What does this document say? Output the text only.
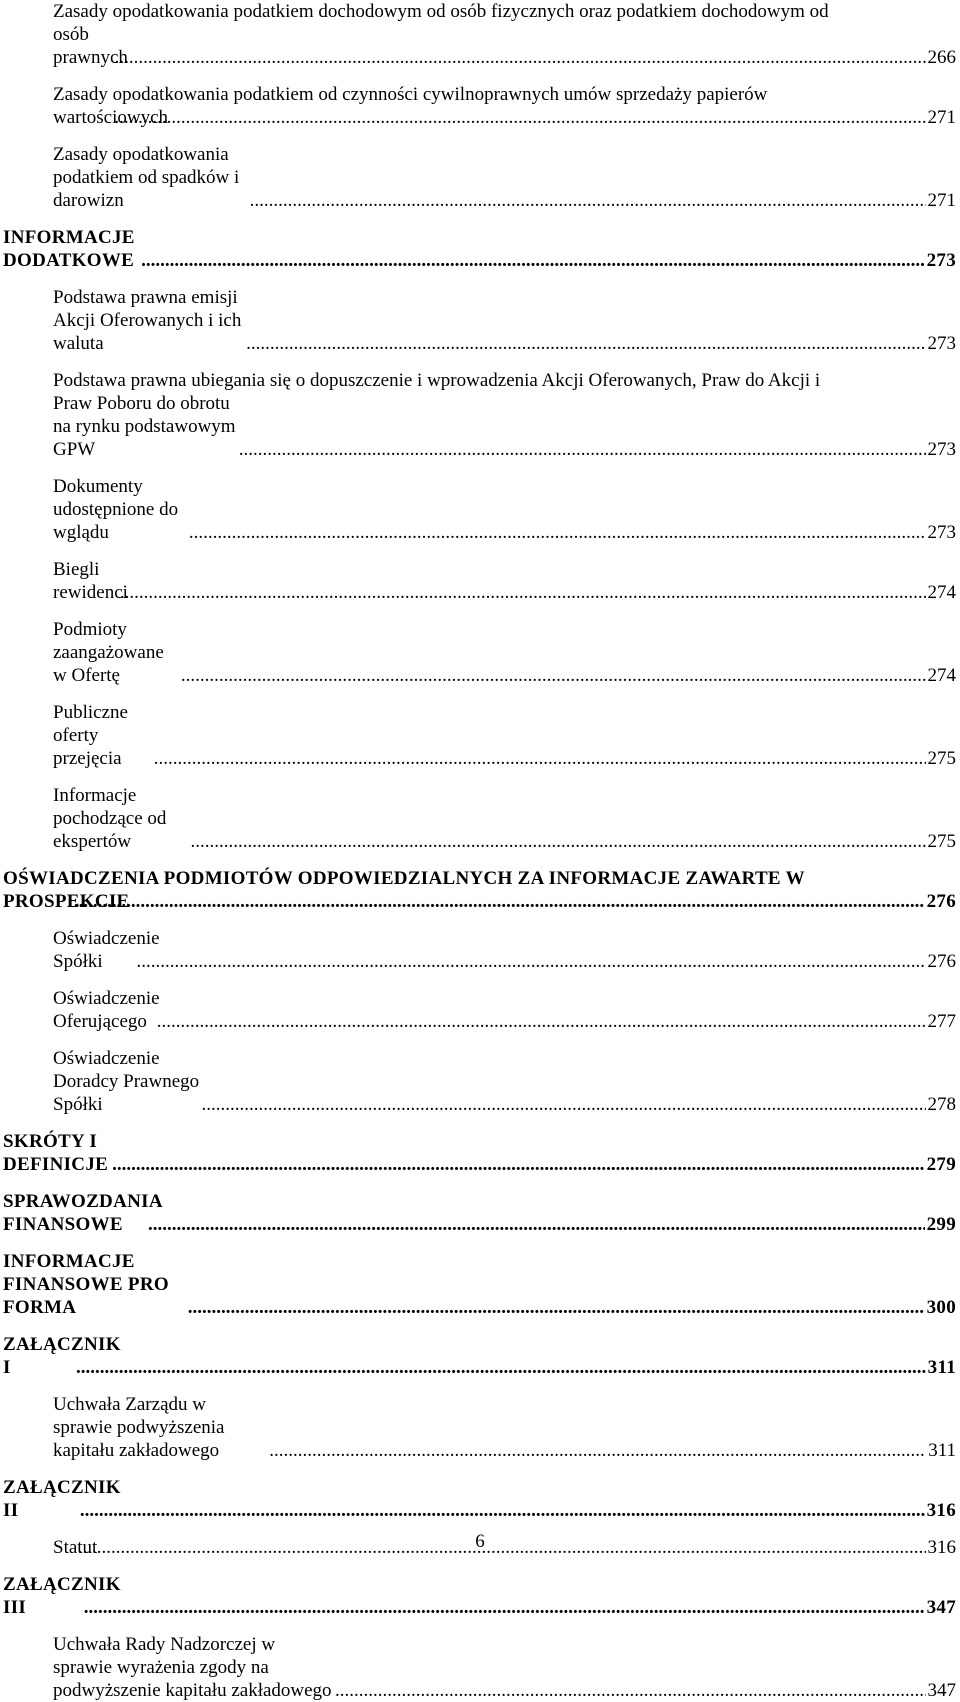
Zasady opodatkowania podatkiem dochodowym od osób fizycznych oraz podatkiem dochodowym od
osób prawnych .....	266
Zasady opodatkowania podatkiem od czynności cywilnoprawnych umów sprzedaży papierów
wartościowych .....	271
Zasady opodatkowania podatkiem od spadków i darowizn .....	271
INFORMACJE DODATKOWE .....	273
Podstawa prawna emisji Akcji Oferowanych i ich waluta .....	273
Podstawa prawna ubiegania się o dopuszczenie i wprowadzenia Akcji Oferowanych, Praw do Akcji i
Praw Poboru do obrotu na rynku podstawowym GPW .....	273
Dokumenty udostępnione do wglądu .....	273
Biegli rewidenci .....	274
Podmioty zaangażowane w Ofertę .....	274
Publiczne oferty przejęcia .....	275
Informacje pochodzące od ekspertów .....	275
OŚWIADCZENIA PODMIOTÓW ODPOWIEDZIALNYCH ZA INFORMACJE ZAWARTE W
PROSPEKCIE .....	276
Oświadczenie Spółki .....	276
Oświadczenie Oferującego .....	277
Oświadczenie Doradcy Prawnego Spółki .....	278
SKRÓTY I DEFINICJE .....	279
SPRAWOZDANIA FINANSOWE .....	299
INFORMACJE FINANSOWE PRO FORMA .....	300
ZAŁĄCZNIK I .....	311
Uchwała Zarządu w sprawie podwyższenia kapitału zakładowego .....	311
ZAŁĄCZNIK II .....	316
Statut .....	316
ZAŁĄCZNIK III .....	347
Uchwała Rady Nadzorczej w sprawie wyrażenia zgody na podwyższenie kapitału zakładowego .....	347
6
